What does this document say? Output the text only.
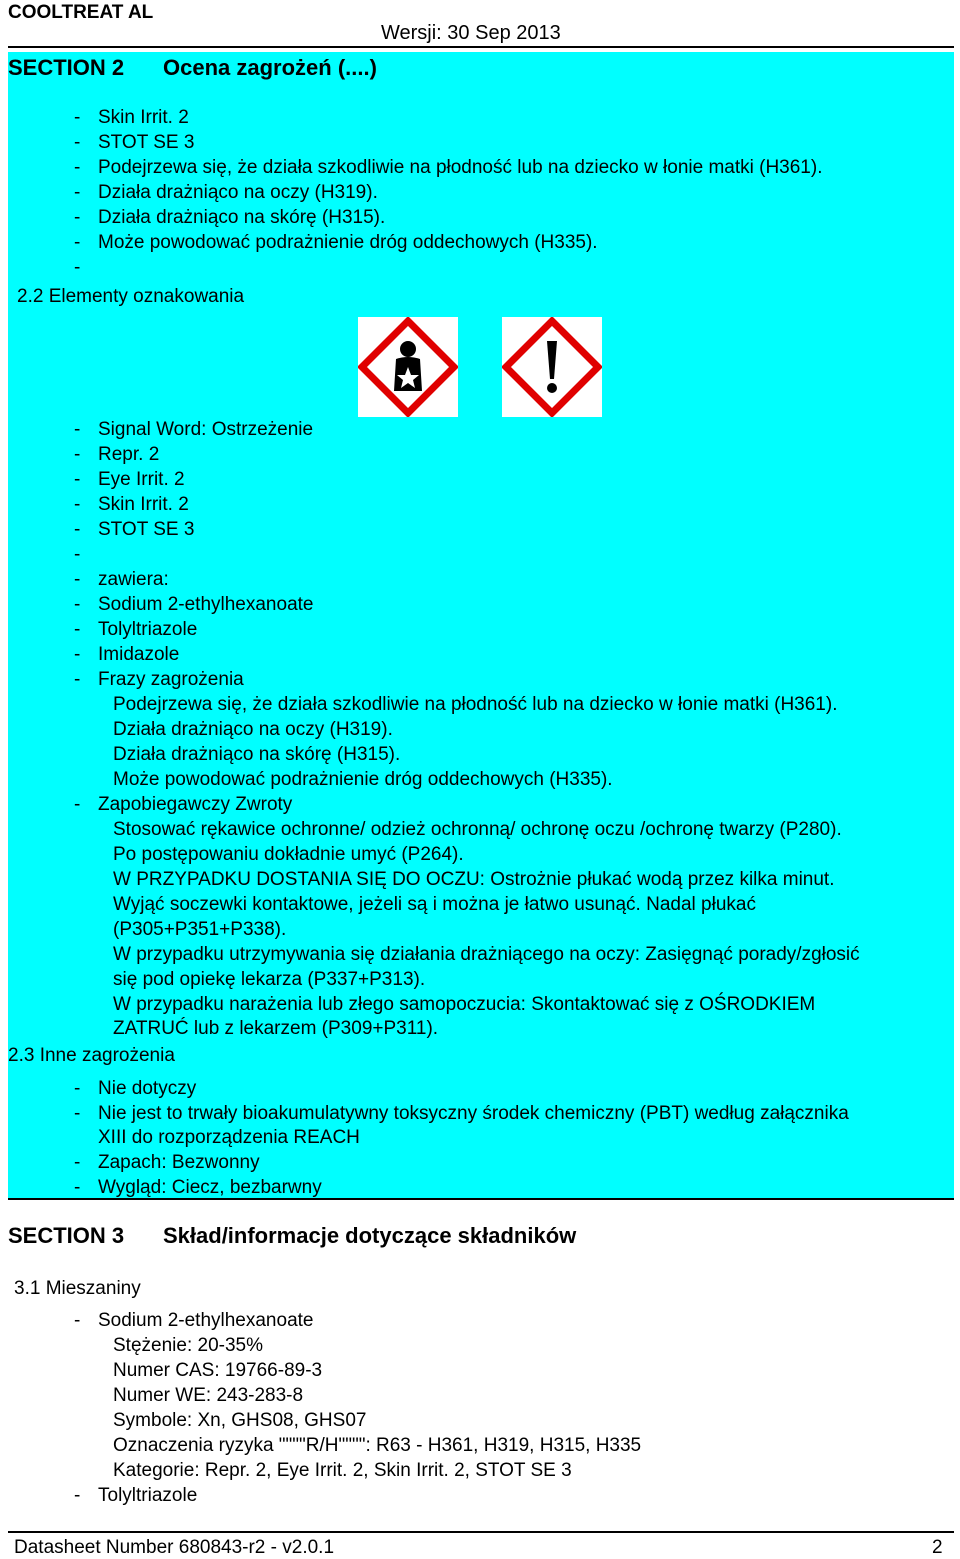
COOLTREAT AL
Wersji: 30 Sep 2013
SECTION 2 Ocena zagrożeń (....)
- Skin Irrit. 2
- STOT SE 3
- Podejrzewa się, że działa szkodliwie na płodność lub na dziecko w łonie matki (H361).
- Działa drażniąco na oczy (H319).
- Działa drażniąco na skórę (H315).
- Może powodować podrażnienie dróg oddechowych (H335).
-
2.2 Elementy oznakowania
- Signal Word: Ostrzeżenie
- Repr. 2
- Eye Irrit. 2
- Skin Irrit. 2
- STOT SE 3
-
- zawiera:
- Sodium 2-ethylhexanoate
- Tolyltriazole
- Imidazole
- Frazy zagrożenia
Podejrzewa się, że działa szkodliwie na płodność lub na dziecko w łonie matki (H361).
Działa drażniąco na oczy (H319).
Działa drażniąco na skórę (H315).
Może powodować podrażnienie dróg oddechowych (H335).
- Zapobiegawczy Zwroty
Stosować rękawice ochronne/ odzież ochronną/ ochronę oczu /ochronę twarzy (P280).
Po postępowaniu dokładnie umyć (P264).
W PRZYPADKU DOSTANIA SIĘ DO OCZU: Ostrożnie płukać wodą przez kilka minut.
Wyjąć soczewki kontaktowe, jeżeli są i można je łatwo usunąć. Nadal płukać
(P305+P351+P338).
W przypadku utrzymywania się działania drażniącego na oczy: Zasięgnąć porady/zgłosić
się pod opiekę lekarza (P337+P313).
W przypadku narażenia lub złego samopoczucia: Skontaktować się z OŚRODKIEM
ZATRUĆ lub z lekarzem (P309+P311).
2.3 Inne zagrożenia
- Nie dotyczy
- Nie jest to trwały bioakumulatywny toksyczny środek chemiczny (PBT) według załącznika
XIII do rozporządzenia REACH
- Zapach: Bezwonny
- Wygląd: Ciecz, bezbarwny
SECTION 3 Skład/informacje dotyczące składników
3.1 Mieszaniny
- Sodium 2-ethylhexanoate
Stężenie: 20-35%
Numer CAS: 19766-89-3
Numer WE: 243-283-8
Symbole: Xn, GHS08, GHS07
Oznaczenia ryzyka """"R/H"""": R63 - H361, H319, H315, H335
Kategorie: Repr. 2, Eye Irrit. 2, Skin Irrit. 2, STOT SE 3
- Tolyltriazole
Datasheet Number 680843-r2 - v2.0.1	2
